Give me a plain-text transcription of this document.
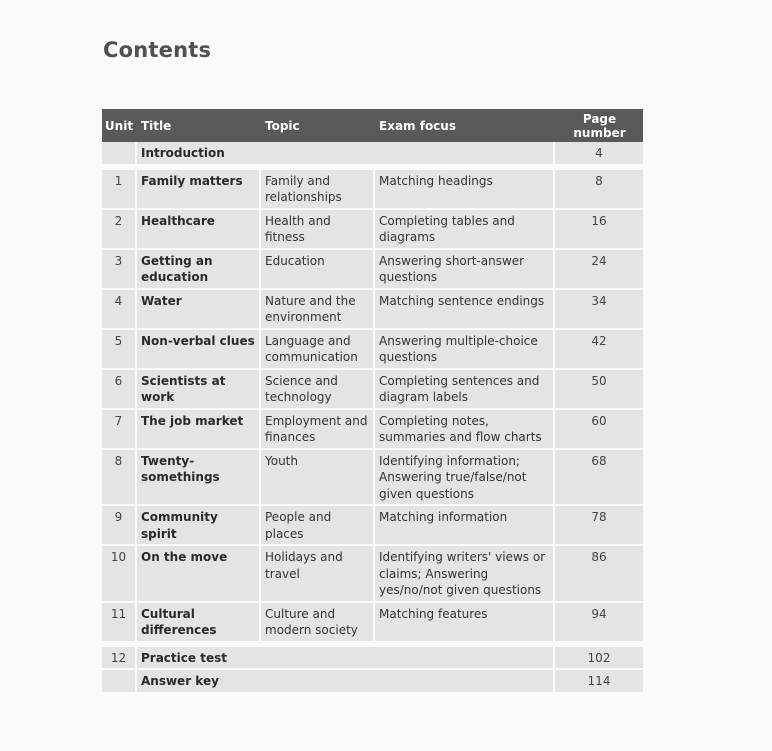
Contents
Unit	Title	Topic	Exam focus	Page number
	Introduction			4

1	Family matters	Family and relationships	Matching headings	8
2	Healthcare	Health and fitness	Completing tables and diagrams	16
3	Getting an education	Education	Answering short-answer questions	24
4	Water	Nature and the environment	Matching sentence endings	34
5	Non-verbal clues	Language and communication	Answering multiple-choice questions	42
6	Scientists at work	Science and technology	Completing sentences and diagram labels	50
7	The job market	Employment and finances	Completing notes, summaries and flow charts	60
8	Twenty-somethings	Youth	Identifying information; Answering true/false/not given questions	68
9	Community spirit	People and places	Matching information	78
10	On the move	Holidays and travel	Identifying writers' views or claims; Answering yes/no/not given questions	86
11	Cultural differences	Culture and modern society	Matching features	94

12	Practice test			102
	Answer key			114
